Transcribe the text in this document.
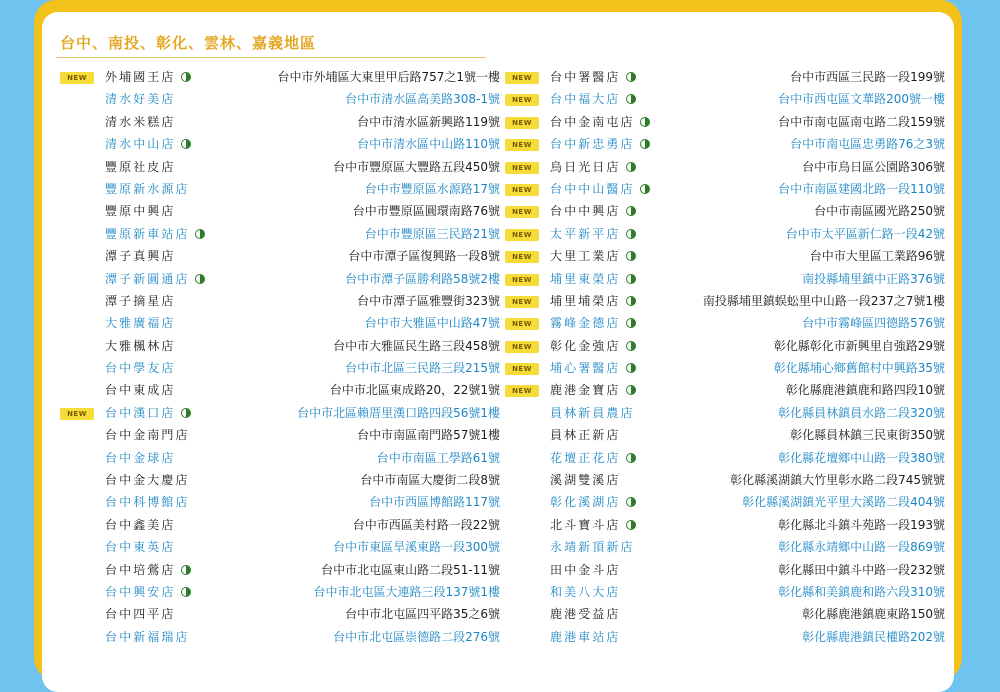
台中、南投、彰化、雲林、嘉義地區
NEW	外埔國王店	台中市外埔區大東里甲后路757之1號一樓
清水好美店	台中市清水區高美路308-1號
清水米糕店	台中市清水區新興路119號
清水中山店	台中市清水區中山路110號
豐原社皮店	台中市豐原區大豐路五段450號
豐原新水源店	台中市豐原區水源路17號
豐原中興店	台中市豐原區圓環南路76號
豐原新車站店	台中市豐原區三民路21號
潭子真興店	台中市潭子區復興路一段8號
潭子新圓通店	台中市潭子區勝利路58號2樓
潭子摘星店	台中市潭子區雅豐街323號
大雅廣福店	台中市大雅區中山路47號
大雅楓林店	台中市大雅區民生路三段458號
台中學友店	台中市北區三民路三段215號
台中東成店	台中市北區東成路20，22號1號
NEW	台中漢口店	台中市北區賴厝里漢口路四段56號1樓
台中金南門店	台中市南區南門路57號1樓
台中金球店	台中市南區工學路61號
台中金大慶店	台中市南區大慶街二段8號
台中科博館店	台中市西區博館路117號
台中鑫美店	台中市西區美村路一段22號
台中東英店	台中市東區旱溪東路一段300號
台中培鶯店	台中市北屯區東山路二段51-11號
台中興安店	台中市北屯區大連路三段137號1樓
台中四平店	台中市北屯區四平路35之6號
台中新福瑞店	台中市北屯區崇德路二段276號
NEW	台中署醫店	台中市西區三民路一段199號
NEW	台中福大店	台中市西屯區文華路200號一樓
NEW	台中金南屯店	台中市南屯區南屯路二段159號
NEW	台中新忠勇店	台中市南屯區忠勇路76之3號
NEW	烏日光日店	台中市烏日區公園路306號
NEW	台中中山醫店	台中市南區建國北路一段110號
NEW	台中中興店	台中市南區國光路250號
NEW	太平新平店	台中市太平區新仁路一段42號
NEW	大里工業店	台中市大里區工業路96號
NEW	埔里東榮店	南投縣埔里鎮中正路376號
NEW	埔里埔榮店	南投縣埔里鎮蜈蚣里中山路一段237之7號1樓
NEW	霧峰金德店	台中市霧峰區四德路576號
NEW	彰化金強店	彰化縣彰化市新興里自強路29號
NEW	埔心署醫店	彰化縣埔心鄉舊館村中興路35號
NEW	鹿港金寶店	彰化縣鹿港鎮鹿和路四段10號
員林新員農店	彰化縣員林鎮員水路二段320號
員林正新店	彰化縣員林鎮三民東街350號
花壇正花店	彰化縣花壇鄉中山路一段380號
溪湖雙溪店	彰化縣溪湖鎮大竹里彰水路二段745號號
彰化溪湖店	彰化縣溪湖鎮光平里大溪路二段404號
北斗寶斗店	彰化縣北斗鎮斗苑路一段193號
永靖新頂新店	彰化縣永靖鄉中山路一段869號
田中金斗店	彰化縣田中鎮斗中路一段232號
和美八大店	彰化縣和美鎮鹿和路六段310號
鹿港受益店	彰化縣鹿港鎮鹿東路150號
鹿港車站店	彰化縣鹿港鎮民權路202號
